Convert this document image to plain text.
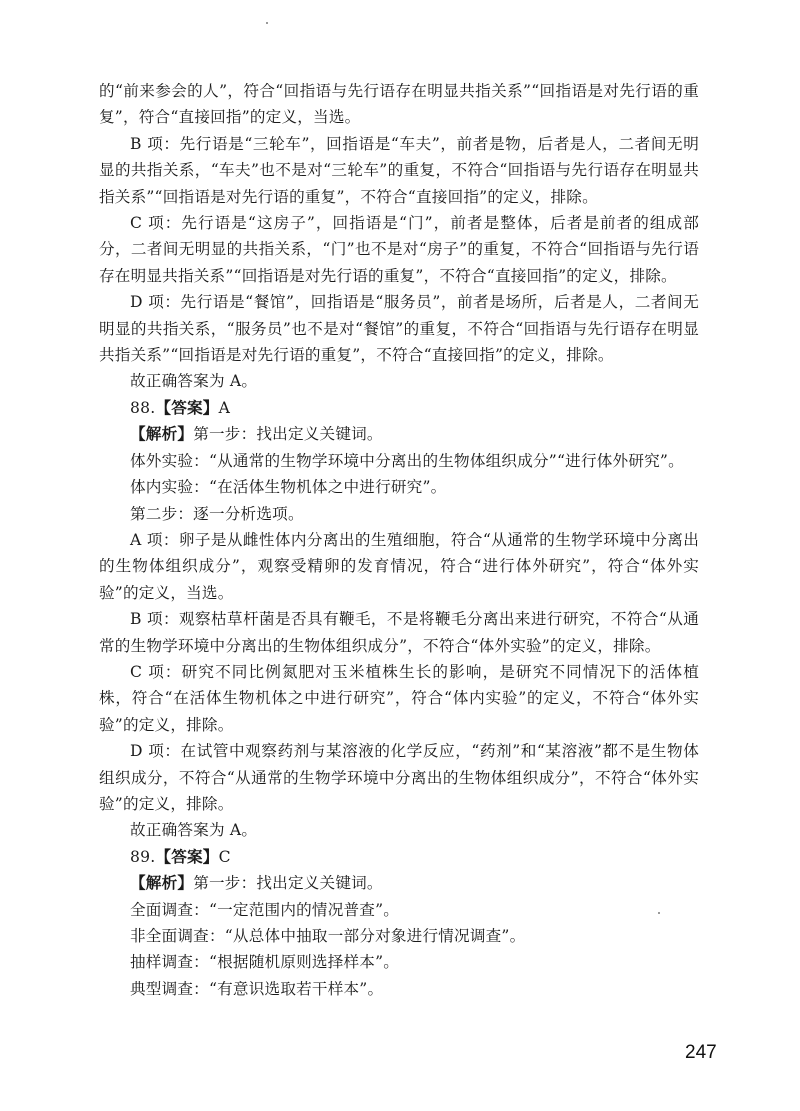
的“前来参会的人”，符合“回指语与先行语存在明显共指关系”“回指语是对先行语的重复”，符合“直接回指”的定义，当选。

B 项：先行语是“三轮车”，回指语是“车夫”，前者是物，后者是人，二者间无明显的共指关系，“车夫”也不是对“三轮车”的重复，不符合“回指语与先行语存在明显共指关系”“回指语是对先行语的重复”，不符合“直接回指”的定义，排除。

C 项：先行语是“这房子”，回指语是“门”，前者是整体，后者是前者的组成部分，二者间无明显的共指关系，“门”也不是对“房子”的重复，不符合“回指语与先行语存在明显共指关系”“回指语是对先行语的重复”，不符合“直接回指”的定义，排除。

D 项：先行语是“餐馆”，回指语是“服务员”，前者是场所，后者是人，二者间无明显的共指关系，“服务员”也不是对“餐馆”的重复，不符合“回指语与先行语存在明显共指关系”“回指语是对先行语的重复”，不符合“直接回指”的定义，排除。

故正确答案为 A。

88.【答案】A

【解析】第一步：找出定义关键词。

体外实验：“从通常的生物学环境中分离出的生物体组织成分”“进行体外研究”。

体内实验：“在活体生物机体之中进行研究”。

第二步：逐一分析选项。

A 项：卵子是从雌性体内分离出的生殖细胞，符合“从通常的生物学环境中分离出的生物体组织成分”，观察受精卵的发育情况，符合“进行体外研究”，符合“体外实验”的定义，当选。

B 项：观察枯草杆菌是否具有鞭毛，不是将鞭毛分离出来进行研究，不符合“从通常的生物学环境中分离出的生物体组织成分”，不符合“体外实验”的定义，排除。

C 项：研究不同比例氮肥对玉米植株生长的影响，是研究不同情况下的活体植株，符合“在活体生物机体之中进行研究”，符合“体内实验”的定义，不符合“体外实验”的定义，排除。

D 项：在试管中观察药剂与某溶液的化学反应，“药剂”和“某溶液”都不是生物体组织成分，不符合“从通常的生物学环境中分离出的生物体组织成分”，不符合“体外实验”的定义，排除。

故正确答案为 A。

89.【答案】C

【解析】第一步：找出定义关键词。

全面调查：“一定范围内的情况普查”。

非全面调查：“从总体中抽取一部分对象进行情况调查”。

抽样调查：“根据随机原则选择样本”。

典型调查：“有意识选取若干样本”。

247
